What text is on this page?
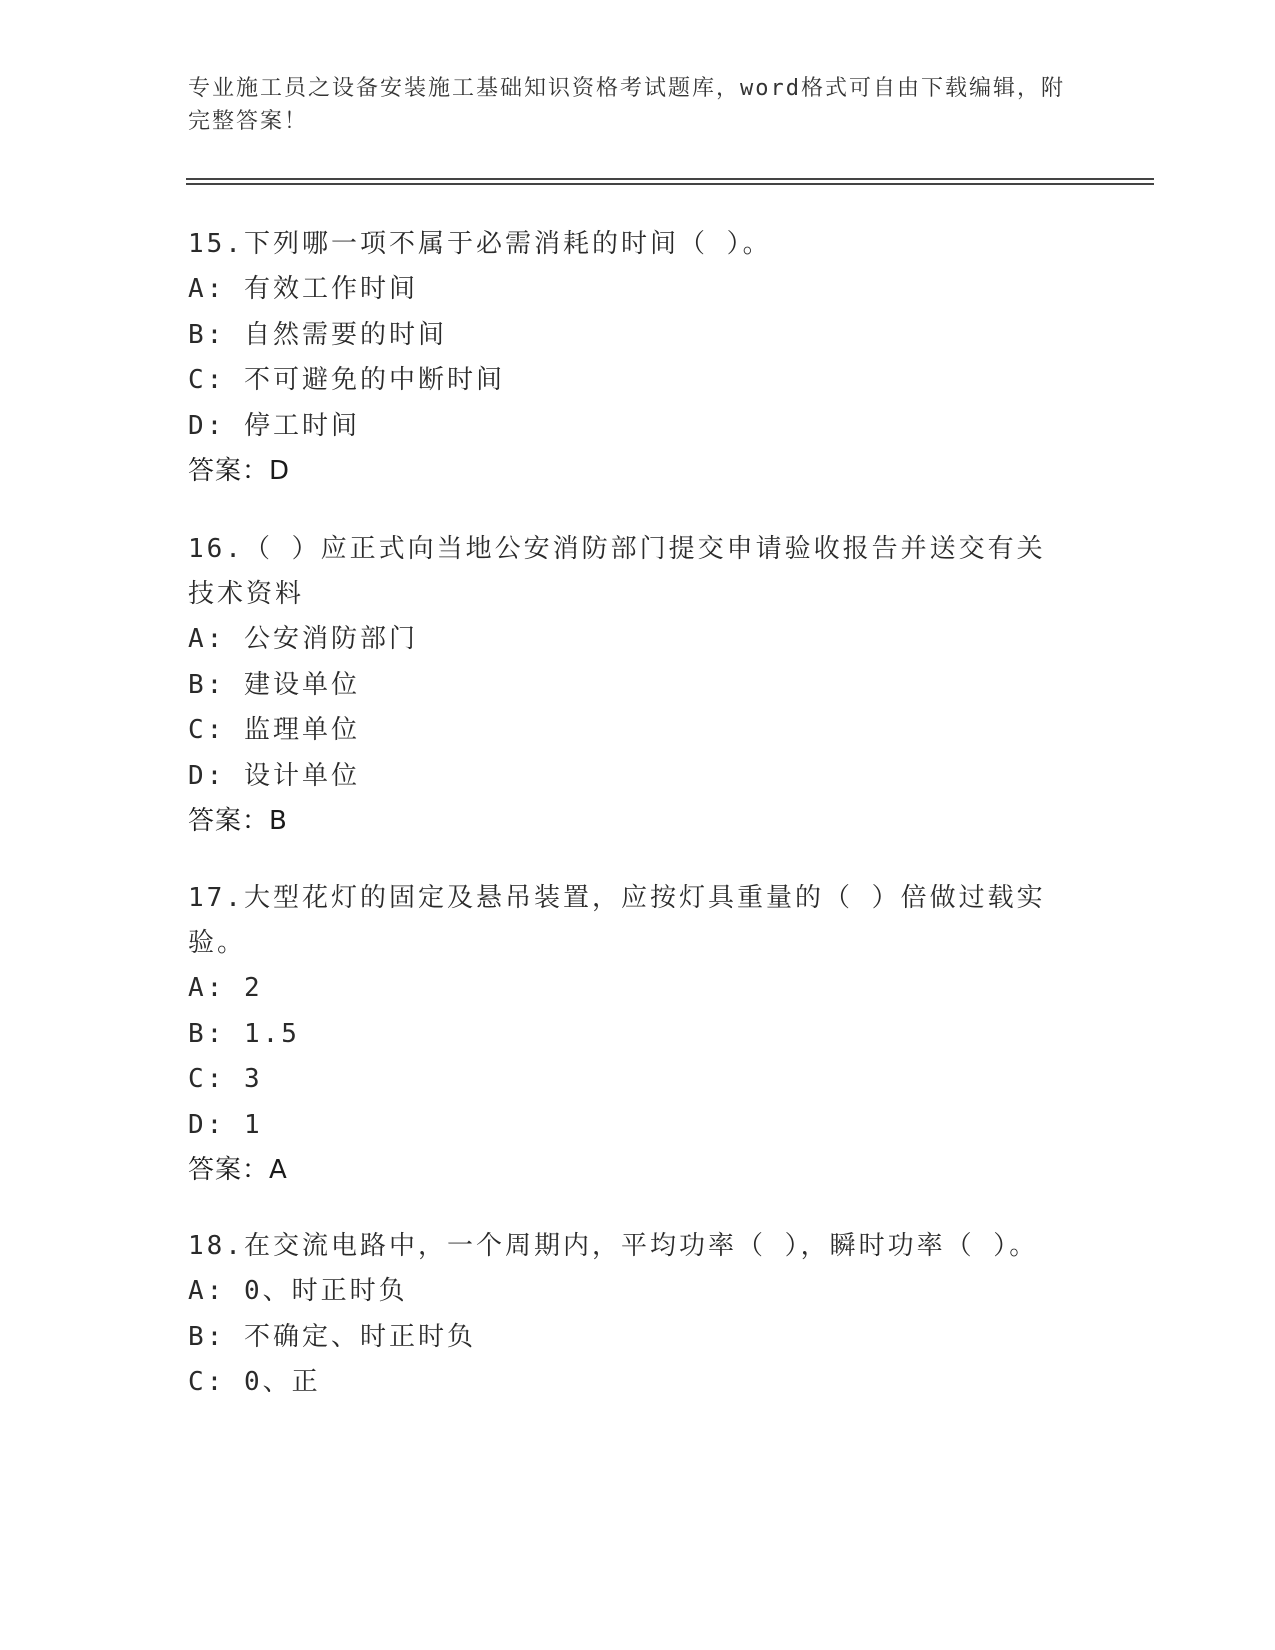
专业施工员之设备安装施工基础知识资格考试题库，word格式可自由下载编辑，附完整答案！

15.下列哪一项不属于必需消耗的时间（ ）。

A: 有效工作时间

B: 自然需要的时间

C: 不可避免的中断时间

D: 停工时间

答案：D

16.（ ）应正式向当地公安消防部门提交申请验收报告并送交有关技术资料

A: 公安消防部门

B: 建设单位

C: 监理单位

D: 设计单位

答案：B

17.大型花灯的固定及悬吊装置，应按灯具重量的（ ）倍做过载实验。

A: 2

B: 1.5

C: 3

D: 1

答案：A

18.在交流电路中，一个周期内，平均功率（ ），瞬时功率（ ）。

A: 0、时正时负

B: 不确定、时正时负

C: 0、正
